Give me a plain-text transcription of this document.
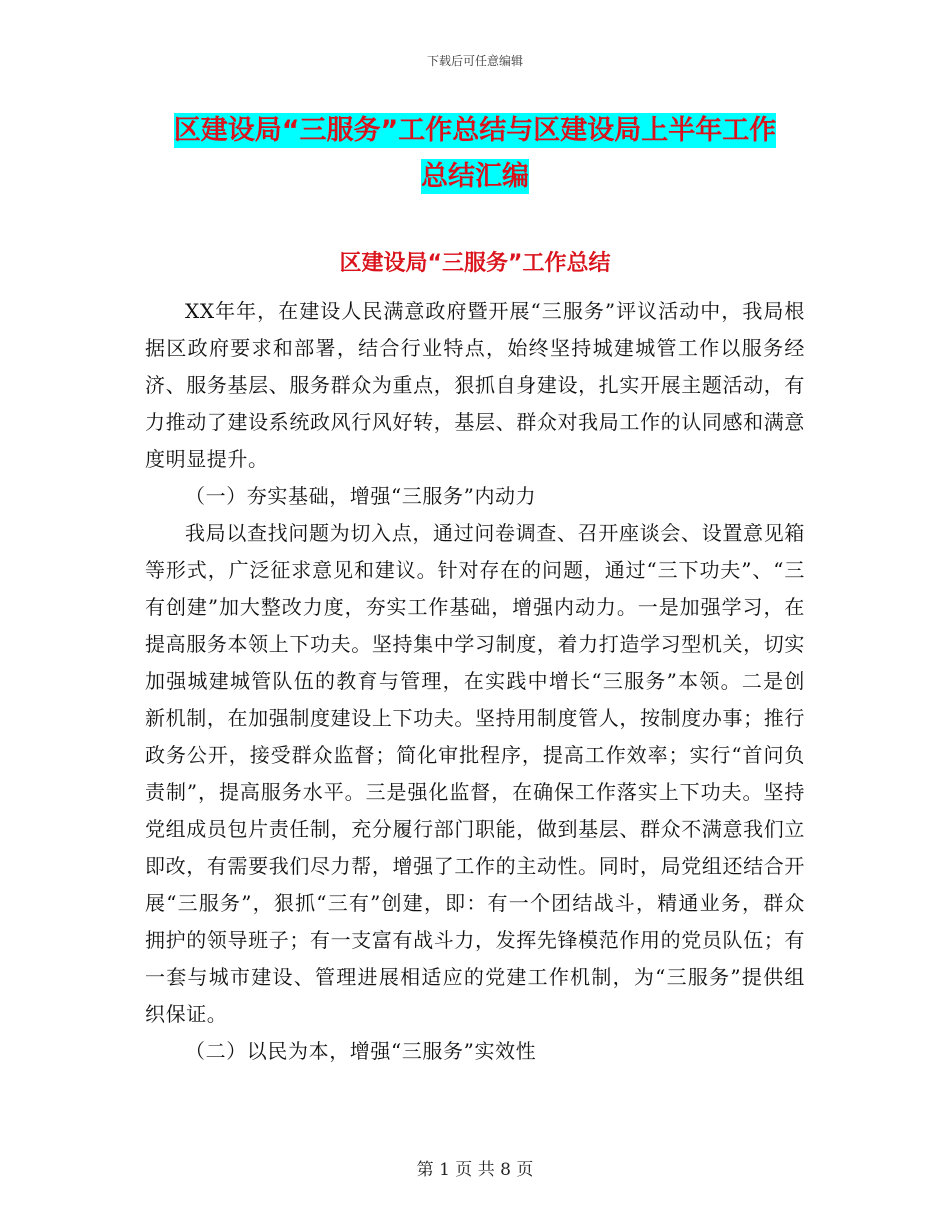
下载后可任意编辑
区建设局“三服务”工作总结与区建设局上半年工作
总结汇编
区建设局“三服务”工作总结

XX年年，在建设人民满意政府暨开展“三服务”评议活动中，我局根据区政府要求和部署，结合行业特点，始终坚持城建城管工作以服务经济、服务基层、服务群众为重点，狠抓自身建设，扎实开展主题活动，有力推动了建设系统政风行风好转，基层、群众对我局工作的认同感和满意度明显提升。

（一）夯实基础，增强“三服务”内动力

我局以查找问题为切入点，通过问卷调查、召开座谈会、设置意见箱等形式，广泛征求意见和建议。针对存在的问题，通过“三下功夫”、“三有创建”加大整改力度，夯实工作基础，增强内动力。一是加强学习，在提高服务本领上下功夫。坚持集中学习制度，着力打造学习型机关，切实加强城建城管队伍的教育与管理，在实践中增长“三服务”本领。二是创新机制，在加强制度建设上下功夫。坚持用制度管人，按制度办事；推行政务公开，接受群众监督；简化审批程序，提高工作效率；实行“首问负责制”，提高服务水平。三是强化监督，在确保工作落实上下功夫。坚持党组成员包片责任制，充分履行部门职能，做到基层、群众不满意我们立即改，有需要我们尽力帮，增强了工作的主动性。同时，局党组还结合开展“三服务”，狠抓“三有”创建，即：有一个团结战斗，精通业务，群众拥护的领导班子；有一支富有战斗力，发挥先锋模范作用的党员队伍；有一套与城市建设、管理进展相适应的党建工作机制，为“三服务”提供组织保证。

（二）以民为本，增强“三服务”实效性

第 1 页 共 8 页
